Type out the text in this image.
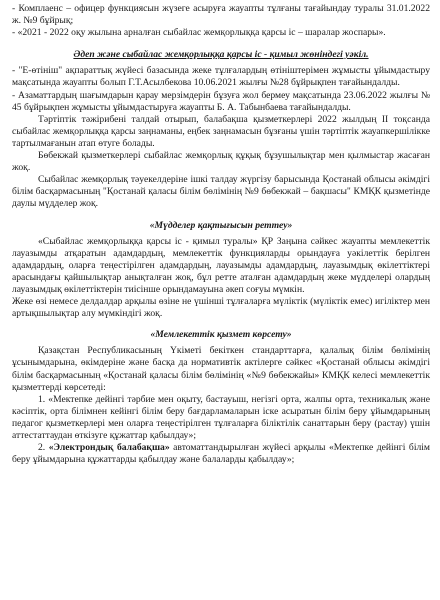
- Комплаенс – офицер функциясын жүзеге асыруға жауапты тұлғаны тағайындау туралы 31.01.2022 ж. №9 бұйрық;

- «2021 - 2022 оқу жылына арналған сыбайлас жемқорлыққа қарсы іс – шаралар жоспары».

Әдеп және сыбайлас жемқорлыққа қарсы іс - қимыл жөніндегі уәкіл.

- "Е-өтініш" ақпараттық жүйесі базасында жеке тұлғалардың өтініштерімен жұмысты ұйымдастыру мақсатында жауапты болып Г.Т.Асылбекова 10.06.2021 жылғы №28 бұйрықпен тағайындалды.

- Азаматтардың шағымдарын қарау мерзімдерін бұзуға жол бермеу мақсатында 23.06.2022 жылғы № 45 бұйрықпен жұмысты ұйымдастыруға жауапты Б. А. Табынбаева тағайындалды.

Тәртіптік тәжірибені талдай отырып, балабақша қызметкерлері 2022 жылдың ІІ тоқсанда сыбайлас жемқорлыққа қарсы заңнаманы, еңбек заңнамасын бұзғаны үшін тәртіптік жауапкершілікке тартылмағанын атап өтуге болады.

Бөбекжай қызметкерлері сыбайлас жемқорлық құқық бұзушылықтар мен қылмыстар жасаған жоқ.

Сыбайлас жемқорлық тәуекелдеріне ішкі талдау жүргізу барысында Қостанай облысы әкімдігі білім басқармасының "Қостанай қаласы білім бөлімінің №9 бөбекжай – бақшасы" КМҚК қызметінде даулы мүдделер жоқ.

«Мүдделер қақтығысын реттеу»

«Сыбайлас жемқорлыққа қарсы іс - қимыл туралы» ҚР Заңына сәйкес жауапты мемлекеттік лауазымды атқаратын адамдардың, мемлекеттік функцияларды орындауға уәкілеттік берілген адамдардың, оларға теңестірілген адамдардың, лауазымды адамдардың, лауазымдық өкілеттіктері арасындағы қайшылықтар анықталған жоқ, бұл ретте аталған адамдардың жеке мүдделері олардың лауазымдық өкілеттіктерін тиісінше орындамауына әкеп соғуы мүмкін.

Жеке өзі немесе делдалдар арқылы өзіне не үшінші тұлғаларға мүліктік (мүліктік емес) игіліктер мен артықшылықтар алу мүмкіндігі жоқ.

«Мемлекеттік қызмет көрсету»

Қазақстан Республикасының Үкіметі бекіткен стандарттарға, қалалық білім бөлімінің ұсынымдарына, өкімдеріне және басқа да нормативтік актілерге сәйкес «Қостанай облысы әкімдігі білім басқармасының «Қостанай қаласы білім бөлімінің «№9 бөбекжайы» КМҚК келесі мемлекеттік қызметтерді көрсетеді:

1. «Мектепке дейінгі тәрбие мен оқыту, бастауыш, негізгі орта, жалпы орта, техникалық және кәсіптік, орта білімнен кейінгі білім беру бағдарламаларын іске асыратын білім беру ұйымдарының педагог қызметкерлері мен оларға теңестірілген тұлғаларға біліктілік санаттарын беру (растау) үшін аттестаттаудан өткізуге құжаттар қабылдау»;

2. «Электрондық балабақша» автоматтандырылған жүйесі арқылы «Мектепке дейінгі білім беру ұйымдарына құжаттарды қабылдау және балаларды қабылдау»;
